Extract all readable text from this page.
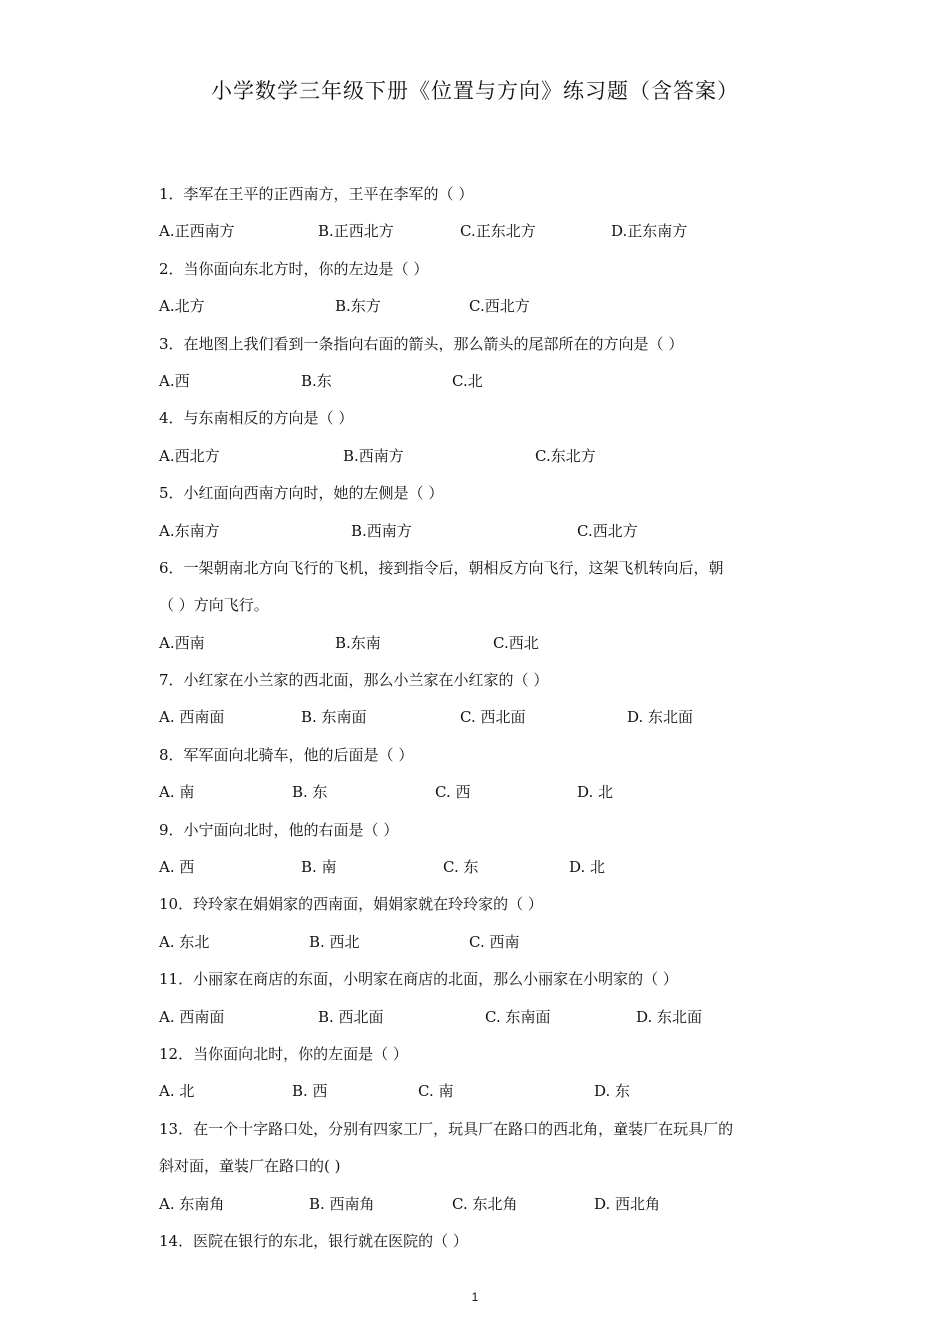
小学数学三年级下册《位置与方向》练习题（含答案）
1．李军在王平的正西南方，王平在李军的（ ）
A.正西南方	B.正西北方	C.正东北方	D.正东南方
2．当你面向东北方时，你的左边是（ ）
A.北方	B.东方	C.西北方
3．在地图上我们看到一条指向右面的箭头，那么箭头的尾部所在的方向是（ ）
A.西	B.东	C.北
4．与东南相反的方向是（ ）
A.西北方	B.西南方	C.东北方
5．小红面向西南方向时，她的左侧是（ ）
A.东南方	B.西南方	C.西北方
6．一架朝南北方向飞行的飞机，接到指令后，朝相反方向飞行，这架飞机转向后，朝
（ ）方向飞行。
A.西南	B.东南	C.西北
7．小红家在小兰家的西北面，那么小兰家在小红家的（ ）
A. 西南面	B. 东南面	C. 西北面	D. 东北面
8．军军面向北骑车，他的后面是（ ）
A. 南	B. 东	C. 西	D. 北
9．小宁面向北时，他的右面是（ ）
A. 西	B. 南	C. 东	D. 北
10．玲玲家在娟娟家的西南面，娟娟家就在玲玲家的（ ）
A. 东北	B. 西北	C. 西南
11．小丽家在商店的东面，小明家在商店的北面，那么小丽家在小明家的（ ）
A. 西南面	B. 西北面	C. 东南面	D. 东北面
12．当你面向北时，你的左面是（ ）
A. 北	B. 西	C. 南	D. 东
13．在一个十字路口处，分别有四家工厂，玩具厂在路口的西北角，童装厂在玩具厂的
斜对面，童装厂在路口的( )
A. 东南角	B. 西南角	C. 东北角	D. 西北角
14．医院在银行的东北，银行就在医院的（ ）
1
